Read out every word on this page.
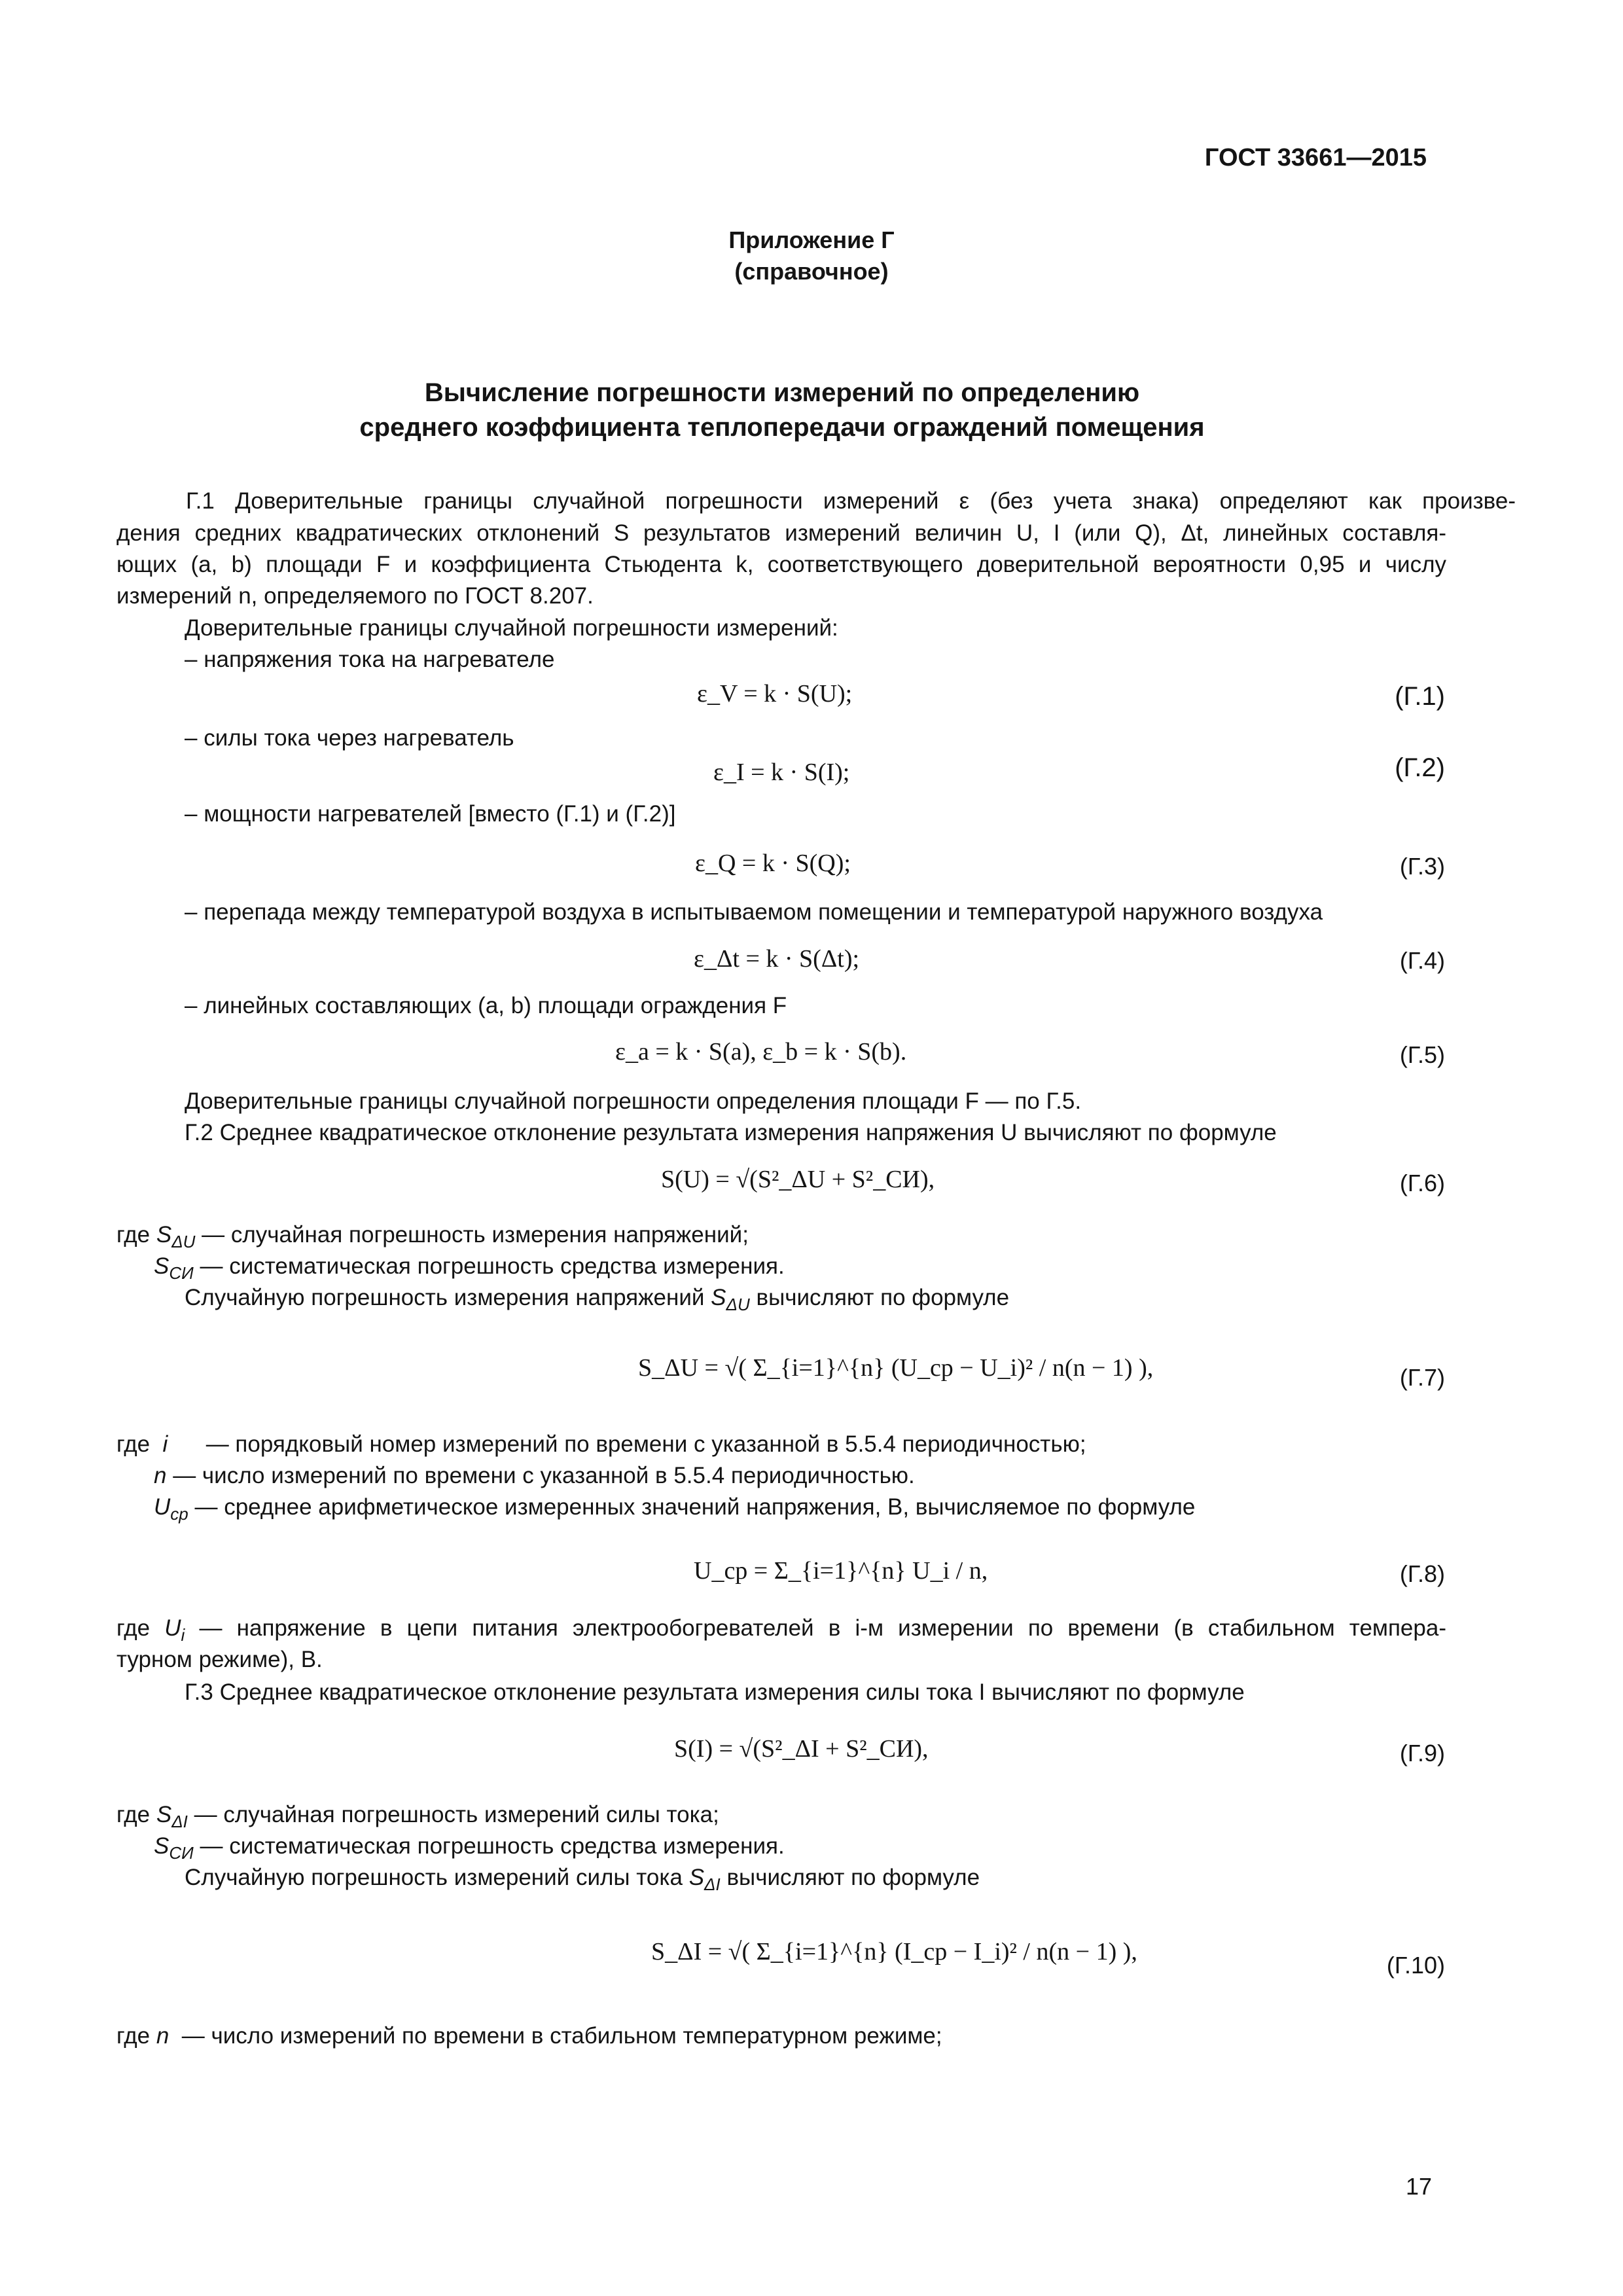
ГОСТ 33661—2015
Приложение Г
(справочное)
Вычисление погрешности измерений по определению
среднего коэффициента теплопередачи ограждений помещения
Г.1 Доверительные границы случайной погрешности измерений ε (без учета знака) определяют как произве-
дения средних квадратических отклонений S результатов измерений величин U, I (или Q), Δt, линейных составля-
ющих (a, b) площади F и коэффициента Стьюдента k, соответствующего доверительной вероятности 0,95 и числу
измерений n, определяемого по ГОСТ 8.207.
Доверительные границы случайной погрешности измерений:
– напряжения тока на нагревателе
ε_V = k · S(U);	(Г.1)
– силы тока через нагреватель
ε_I = k · S(I);	(Г.2)
– мощности нагревателей [вместо (Г.1) и (Г.2)]
ε_Q = k · S(Q);	(Г.3)
– перепада между температурой воздуха в испытываемом помещении и температурой наружного воздуха
ε_Δt = k · S(Δt);	(Г.4)
– линейных составляющих (a, b) площади ограждения F
ε_a = k · S(a), ε_b = k · S(b).	(Г.5)
Доверительные границы случайной погрешности определения площади F — по Г.5.
Г.2 Среднее квадратическое отклонение результата измерения напряжения U вычисляют по формуле
S(U) = √(S²_ΔU + S²_СИ),	(Г.6)
где $S_{\Delta U}$ — случайная погрешность измерения напряжений;
$S_{СИ}$ — систематическая погрешность средства измерения.
Случайную погрешность измерения напряжений $S_{\Delta U}$ вычисляют по формуле
S_ΔU = √( Σ_{i=1}^{n} (U_ср − U_i)² / n(n − 1) ),	(Г.7)
где  i      — порядковый номер измерений по времени с указанной в 5.5.4 периодичностью;
n — число измерений по времени с указанной в 5.5.4 периодичностью.
$U_{ср}$ — среднее арифметическое измеренных значений напряжения, В, вычисляемое по формуле
U_ср = Σ_{i=1}^{n} U_i / n,	(Г.8)
где $U_i$ — напряжение в цепи питания электрообогревателей в i-м измерении по времени (в стабильном темпера-
турном режиме), В.
Г.3 Среднее квадратическое отклонение результата измерения силы тока I вычисляют по формуле
S(I) = √(S²_ΔI + S²_СИ),	(Г.9)
где $S_{\Delta I}$ — случайная погрешность измерений силы тока;
$S_{СИ}$ — систематическая погрешность средства измерения.
Случайную погрешность измерений силы тока $S_{\Delta I}$ вычисляют по формуле
S_ΔI = √( Σ_{i=1}^{n} (I_ср − I_i)² / n(n − 1) ),	(Г.10)
где n  — число измерений по времени в стабильном температурном режиме;
17
